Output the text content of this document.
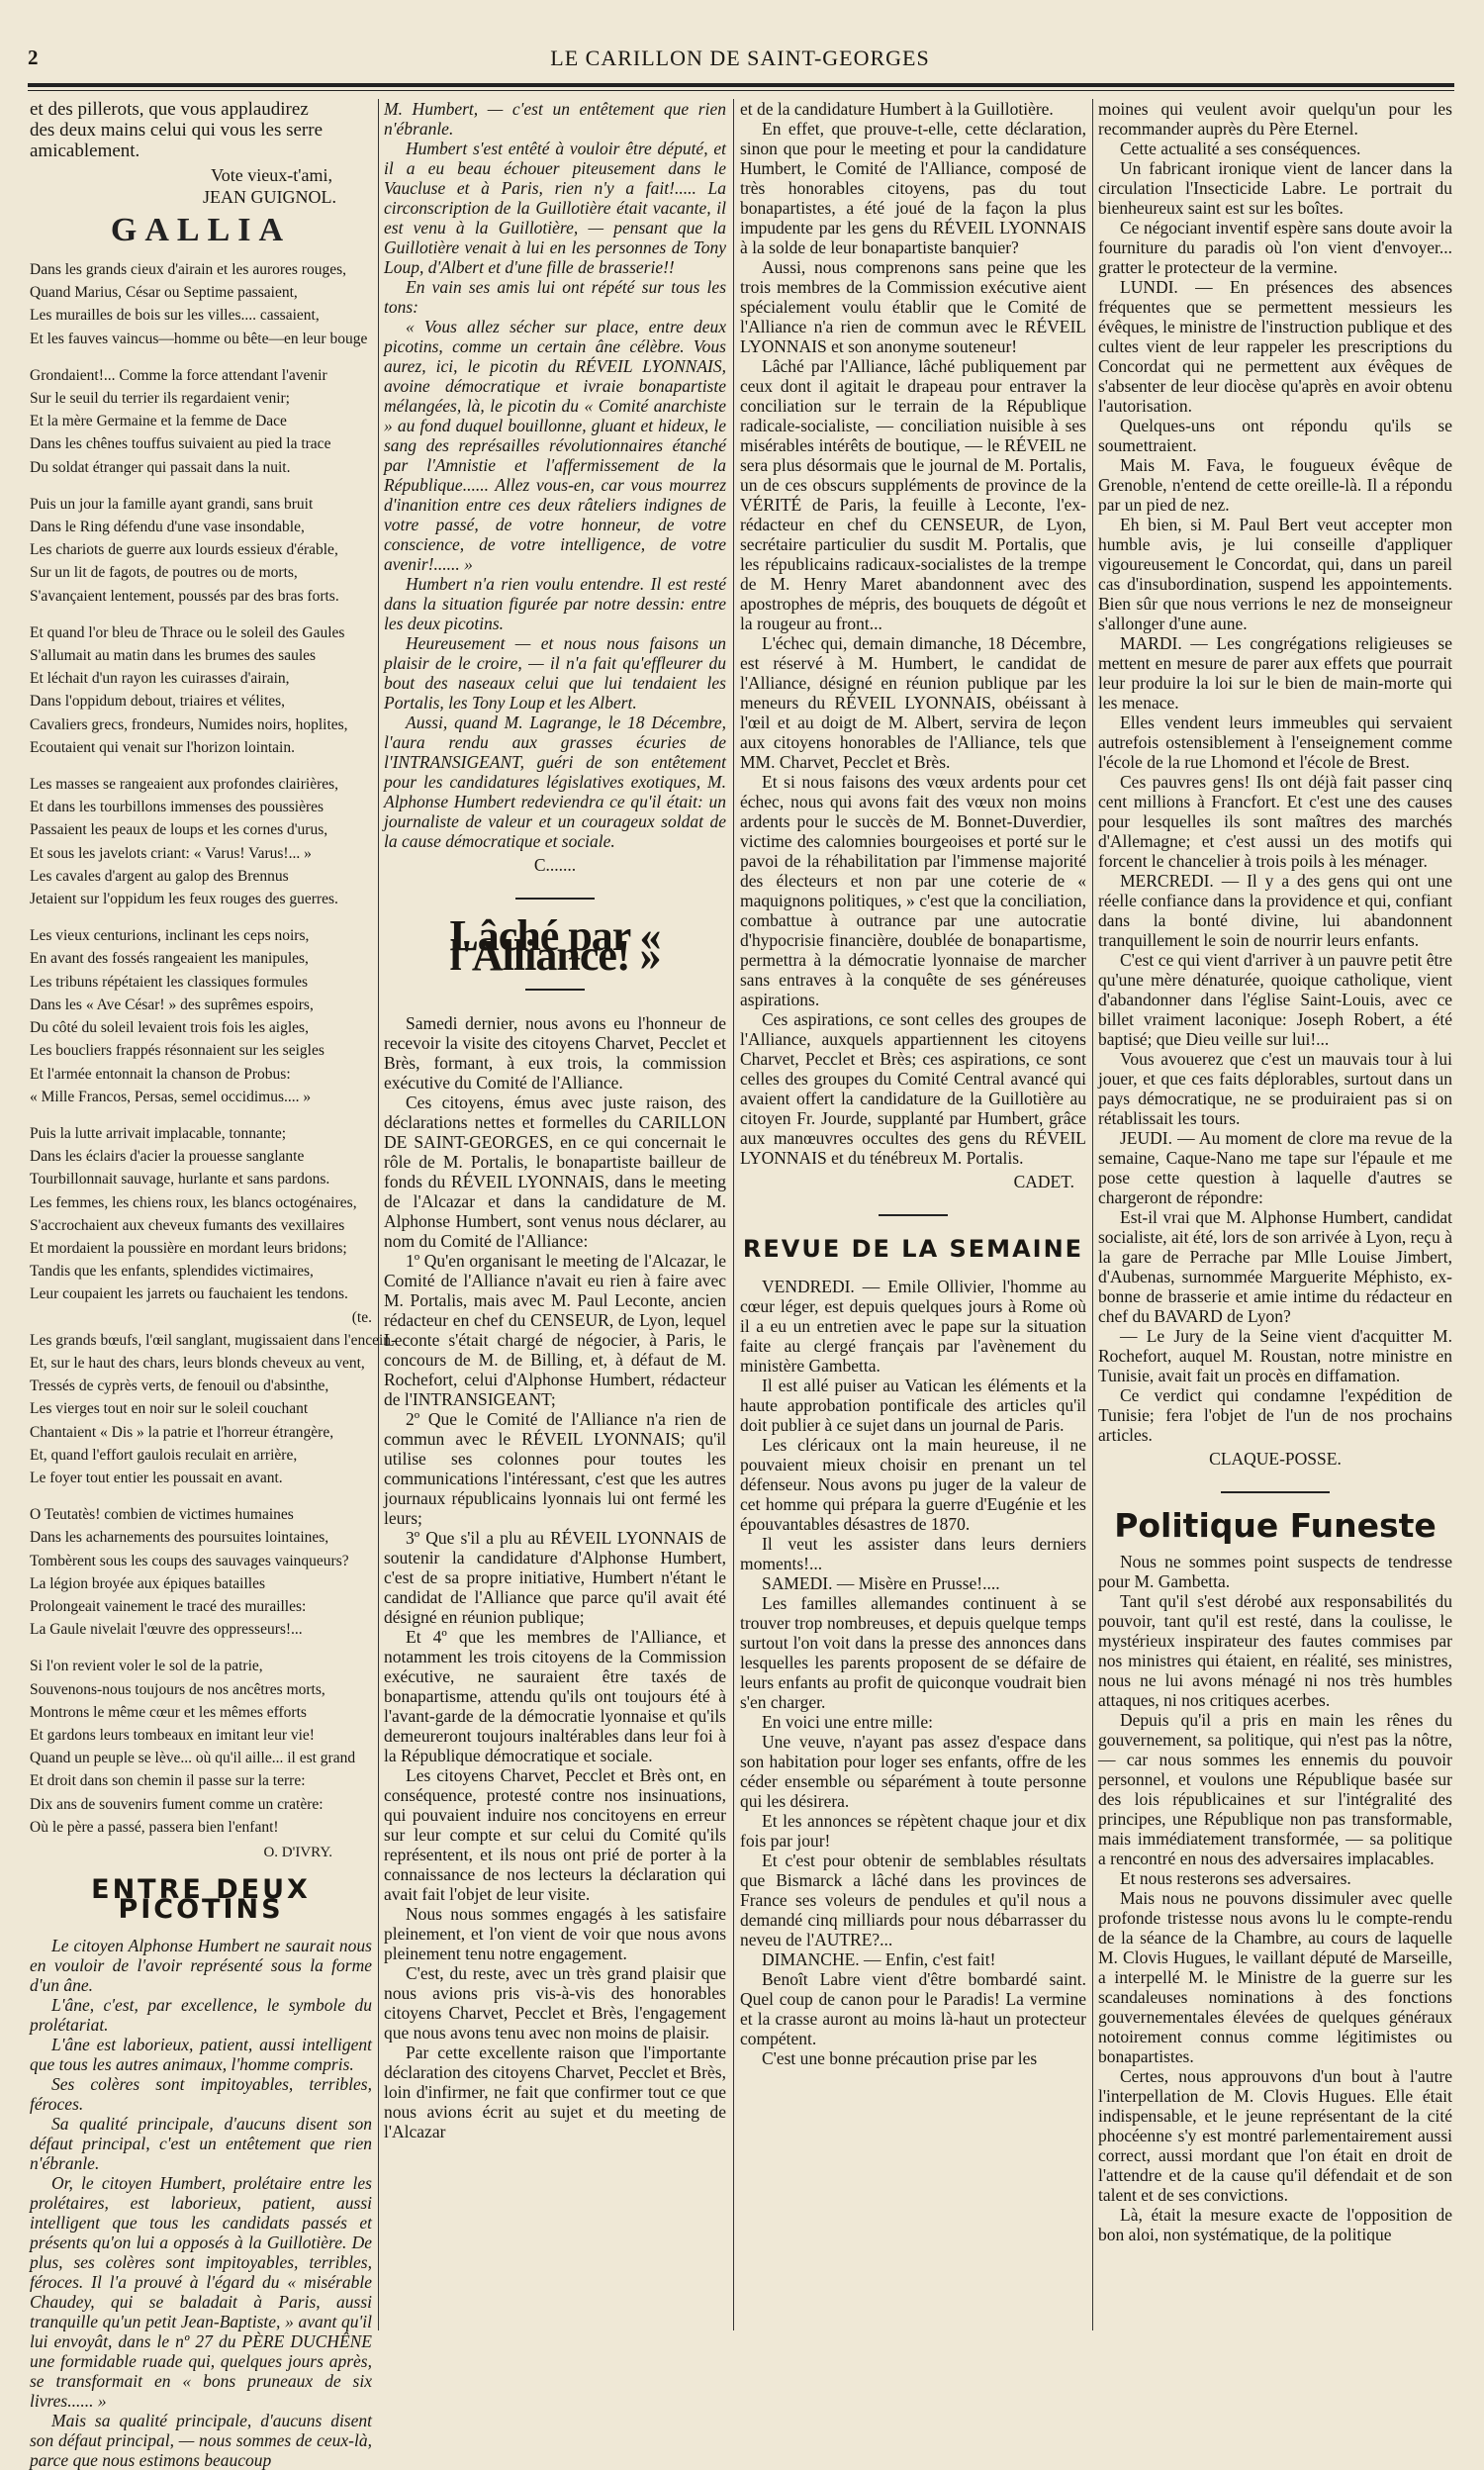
2	LE CARILLON DE SAINT-GEORGES
et des pillerots, que vous applaudirez
des deux mains celui qui vous les serre
amicablement.
Vote vieux-t'ami,
JEAN GUIGNOL.
GALLIA
Dans les grands cieux d'airain et les aurores rouges,
Quand Marius, César ou Septime passaient,
Les murailles de bois sur les villes.... cassaient,
Et les fauves vaincus—homme ou bête—en leur bouge
Grondaient!... Comme la force attendant l'avenir
Sur le seuil du terrier ils regardaient venir;
Et la mère Germaine et la femme de Dace
Dans les chênes touffus suivaient au pied la trace
Du soldat étranger qui passait dans la nuit.
Puis un jour la famille ayant grandi, sans bruit
Dans le Ring défendu d'une vase insondable,
Les chariots de guerre aux lourds essieux d'érable,
Sur un lit de fagots, de poutres ou de morts,
S'avançaient lentement, poussés par des bras forts.
Et quand l'or bleu de Thrace ou le soleil des Gaules
S'allumait au matin dans les brumes des saules
Et léchait d'un rayon les cuirasses d'airain,
Dans l'oppidum debout, triaires et vélites,
Cavaliers grecs, frondeurs, Numides noirs, hoplites,
Ecoutaient qui venait sur l'horizon lointain.
Les masses se rangeaient aux profondes clairières,
Et dans les tourbillons immenses des poussières
Passaient les peaux de loups et les cornes d'urus,
Et sous les javelots criant: « Varus! Varus!... »
Les cavales d'argent au galop des Brennus
Jetaient sur l'oppidum les feux rouges des guerres.
Les vieux centurions, inclinant les ceps noirs,
En avant des fossés rangeaient les manipules,
Les tribuns répétaient les classiques formules
Dans les « Ave César! » des suprêmes espoirs,
Du côté du soleil levaient trois fois les aigles,
Les boucliers frappés résonnaient sur les seigles
Et l'armée entonnait la chanson de Probus:
« Mille Francos, Persas, semel occidimus.... »
Puis la lutte arrivait implacable, tonnante;
Dans les éclairs d'acier la prouesse sanglante
Tourbillonnait sauvage, hurlante et sans pardons.
Les femmes, les chiens roux, les blancs octogénaires,
S'accrochaient aux cheveux fumants des vexillaires
Et mordaient la poussière en mordant leurs bridons;
Tandis que les enfants, splendides victimaires,
Leur coupaient les jarrets ou fauchaient les tendons.
(te.
Les grands bœufs, l'œil sanglant, mugissaient dans l'encein-
Et, sur le haut des chars, leurs blonds cheveux au vent,
Tressés de cyprès verts, de fenouil ou d'absinthe,
Les vierges tout en noir sur le soleil couchant
Chantaient « Dis » la patrie et l'horreur étrangère,
Et, quand l'effort gaulois reculait en arrière,
Le foyer tout entier les poussait en avant.
O Teutatès! combien de victimes humaines
Dans les acharnements des poursuites lointaines,
Tombèrent sous les coups des sauvages vainqueurs?
La légion broyée aux épiques batailles
Prolongeait vainement le tracé des murailles:
La Gaule nivelait l'œuvre des oppresseurs!...
Si l'on revient voler le sol de la patrie,
Souvenons-nous toujours de nos ancêtres morts,
Montrons le même cœur et les mêmes efforts
Et gardons leurs tombeaux en imitant leur vie!
Quand un peuple se lève... où qu'il aille... il est grand
Et droit dans son chemin il passe sur la terre:
Dix ans de souvenirs fument comme un cratère:
Où le père a passé, passera bien l'enfant!
O. D'IVRY.
ENTRE DEUX PICOTINS

Le citoyen Alphonse Humbert ne saurait nous en vouloir de l'avoir représenté sous la forme d'un âne.

L'âne, c'est, par excellence, le symbole du prolétariat.

L'âne est laborieux, patient, aussi intelligent que tous les autres animaux, l'homme compris.

Ses colères sont impitoyables, terribles, féroces.

Sa qualité principale, d'aucuns disent son défaut principal, c'est un entêtement que rien n'ébranle.

Or, le citoyen Humbert, prolétaire entre les prolétaires, est laborieux, patient, aussi intelligent que tous les candidats passés et présents qu'on lui a opposés à la Guillotière. De plus, ses colères sont impitoyables, terribles, féroces. Il l'a prouvé à l'égard du « misérable Chaudey, qui se baladait à Paris, aussi tranquille qu'un petit Jean-Baptiste, » avant qu'il lui envoyât, dans le nº 27 du PÈRE DUCHÊNE une formidable ruade qui, quelques jours après, se transformait en « bons pruneaux de six livres...... »

Mais sa qualité principale, d'aucuns disent son défaut principal, — nous sommes de ceux-là, parce que nous estimons beaucoup

M. Humbert, — c'est un entêtement que rien n'ébranle.

Humbert s'est entêté à vouloir être député, et il a eu beau échouer piteusement dans le Vaucluse et à Paris, rien n'y a fait!..... La circonscription de la Guillotière était vacante, il est venu à la Guillotière, — pensant que la Guillotière venait à lui en les personnes de Tony Loup, d'Albert et d'une fille de brasserie!!

En vain ses amis lui ont répété sur tous les tons:

« Vous allez sécher sur place, entre deux picotins, comme un certain âne célèbre. Vous aurez, ici, le picotin du RÉVEIL LYONNAIS, avoine démocratique et ivraie bonapartiste mélangées, là, le picotin du « Comité anarchiste » au fond duquel bouillonne, gluant et hideux, le sang des représailles révolutionnaires étanché par l'Amnistie et l'affermissement de la République...... Allez vous-en, car vous mourrez d'inanition entre ces deux râteliers indignes de votre passé, de votre honneur, de votre conscience, de votre intelligence, de votre avenir!...... »

Humbert n'a rien voulu entendre. Il est resté dans la situation figurée par notre dessin: entre les deux picotins.

Heureusement — et nous nous faisons un plaisir de le croire, — il n'a fait qu'effleurer du bout des naseaux celui que lui tendaient les Portalis, les Tony Loup et les Albert.

Aussi, quand M. Lagrange, le 18 Décembre, l'aura rendu aux grasses écuries de l'INTRANSIGEANT, guéri de son entêtement pour les candidatures législatives exotiques, M. Alphonse Humbert redeviendra ce qu'il était: un journaliste de valeur et un courageux soldat de la cause démocratique et sociale.

C.......
Lâché par « l'Alliance! »

Samedi dernier, nous avons eu l'honneur de recevoir la visite des citoyens Charvet, Pecclet et Brès, formant, à eux trois, la commission exécutive du Comité de l'Alliance.

Ces citoyens, émus avec juste raison, des déclarations nettes et formelles du CARILLON DE SAINT-GEORGES, en ce qui concernait le rôle de M. Portalis, le bonapartiste bailleur de fonds du RÉVEIL LYONNAIS, dans le meeting de l'Alcazar et dans la candidature de M. Alphonse Humbert, sont venus nous déclarer, au nom du Comité de l'Alliance:

1º Qu'en organisant le meeting de l'Alcazar, le Comité de l'Alliance n'avait eu rien à faire avec M. Portalis, mais avec M. Paul Leconte, ancien rédacteur en chef du CENSEUR, de Lyon, lequel Leconte s'était chargé de négocier, à Paris, le concours de M. de Billing, et, à défaut de M. Rochefort, celui d'Alphonse Humbert, rédacteur de l'INTRANSIGEANT;

2º Que le Comité de l'Alliance n'a rien de commun avec le RÉVEIL LYONNAIS; qu'il utilise ses colonnes pour toutes les communications l'intéressant, c'est que les autres journaux républicains lyonnais lui ont fermé les leurs;

3º Que s'il a plu au RÉVEIL LYONNAIS de soutenir la candidature d'Alphonse Humbert, c'est de sa propre initiative, Humbert n'étant le candidat de l'Alliance que parce qu'il avait été désigné en réunion publique;

Et 4º que les membres de l'Alliance, et notamment les trois citoyens de la Commission exécutive, ne sauraient être taxés de bonapartisme, attendu qu'ils ont toujours été à l'avant-garde de la démocratie lyonnaise et qu'ils demeureront toujours inaltérables dans leur foi à la République démocratique et sociale.

Les citoyens Charvet, Pecclet et Brès ont, en conséquence, protesté contre nos insinuations, qui pouvaient induire nos concitoyens en erreur sur leur compte et sur celui du Comité qu'ils représentent, et ils nous ont prié de porter à la connaissance de nos lecteurs la déclaration qui avait fait l'objet de leur visite.

Nous nous sommes engagés à les satisfaire pleinement, et l'on vient de voir que nous avons pleinement tenu notre engagement.

C'est, du reste, avec un très grand plaisir que nous avions pris vis-à-vis des honorables citoyens Charvet, Pecclet et Brès, l'engagement que nous avons tenu avec non moins de plaisir.

Par cette excellente raison que l'importante déclaration des citoyens Charvet, Pecclet et Brès, loin d'infirmer, ne fait que confirmer tout ce que nous avions écrit au sujet et du meeting de l'Alcazar

et de la candidature Humbert à la Guillotière.

En effet, que prouve-t-elle, cette déclaration, sinon que pour le meeting et pour la candidature Humbert, le Comité de l'Alliance, composé de très honorables citoyens, pas du tout bonapartistes, a été joué de la façon la plus impudente par les gens du RÉVEIL LYONNAIS à la solde de leur bonapartiste banquier?

Aussi, nous comprenons sans peine que les trois membres de la Commission exécutive aient spécialement voulu établir que le Comité de l'Alliance n'a rien de commun avec le RÉVEIL LYONNAIS et son anonyme souteneur!

Lâché par l'Alliance, lâché publiquement par ceux dont il agitait le drapeau pour entraver la conciliation sur le terrain de la République radicale-socialiste, — conciliation nuisible à ses misérables intérêts de boutique, — le RÉVEIL ne sera plus désormais que le journal de M. Portalis, un de ces obscurs suppléments de province de la VÉRITÉ de Paris, la feuille à Leconte, l'ex-rédacteur en chef du CENSEUR, de Lyon, secrétaire particulier du susdit M. Portalis, que les républicains radicaux-socialistes de la trempe de M. Henry Maret abandonnent avec des apostrophes de mépris, des bouquets de dégoût et la rougeur au front...

L'échec qui, demain dimanche, 18 Décembre, est réservé à M. Humbert, le candidat de l'Alliance, désigné en réunion publique par les meneurs du RÉVEIL LYONNAIS, obéissant à l'œil et au doigt de M. Albert, servira de leçon aux citoyens honorables de l'Alliance, tels que MM. Charvet, Pecclet et Brès.

Et si nous faisons des vœux ardents pour cet échec, nous qui avons fait des vœux non moins ardents pour le succès de M. Bonnet-Duverdier, victime des calomnies bourgeoises et porté sur le pavoi de la réhabilitation par l'immense majorité des électeurs et non par une coterie de « maquignons politiques, » c'est que la conciliation, combattue à outrance par une autocratie d'hypocrisie financière, doublée de bonapartisme, permettra à la démocratie lyonnaise de marcher sans entraves à la conquête de ses généreuses aspirations.

Ces aspirations, ce sont celles des groupes de l'Alliance, auxquels appartiennent les citoyens Charvet, Pecclet et Brès; ces aspirations, ce sont celles des groupes du Comité Central avancé qui avaient offert la candidature de la Guillotière au citoyen Fr. Jourde, supplanté par Humbert, grâce aux manœuvres occultes des gens du RÉVEIL LYONNAIS et du ténébreux M. Portalis.

CADET.
REVUE DE LA SEMAINE

VENDREDI. — Emile Ollivier, l'homme au cœur léger, est depuis quelques jours à Rome où il a eu un entretien avec le pape sur la situation faite au clergé français par l'avènement du ministère Gambetta.

Il est allé puiser au Vatican les éléments et la haute approbation pontificale des articles qu'il doit publier à ce sujet dans un journal de Paris.

Les cléricaux ont la main heureuse, il ne pouvaient mieux choisir en prenant un tel défenseur. Nous avons pu juger de la valeur de cet homme qui prépara la guerre d'Eugénie et les épouvantables désastres de 1870.

Il veut les assister dans leurs derniers moments!...

SAMEDI. — Misère en Prusse!....

Les familles allemandes continuent à se trouver trop nombreuses, et depuis quelque temps surtout l'on voit dans la presse des annonces dans lesquelles les parents proposent de se défaire de leurs enfants au profit de quiconque voudrait bien s'en charger.

En voici une entre mille:

Une veuve, n'ayant pas assez d'espace dans son habitation pour loger ses enfants, offre de les céder ensemble ou séparément à toute personne qui les désirera.

Et les annonces se répètent chaque jour et dix fois par jour!

Et c'est pour obtenir de semblables résultats que Bismarck a lâché dans les provinces de France ses voleurs de pendules et qu'il nous a demandé cinq milliards pour nous débarrasser du neveu de l'AUTRE?...

DIMANCHE. — Enfin, c'est fait!

Benoît Labre vient d'être bombardé saint. Quel coup de canon pour le Paradis! La vermine et la crasse auront au moins là-haut un protecteur compétent.

C'est une bonne précaution prise par les

moines qui veulent avoir quelqu'un pour les recommander auprès du Père Eternel.

Cette actualité a ses conséquences.

Un fabricant ironique vient de lancer dans la circulation l'Insecticide Labre. Le portrait du bienheureux saint est sur les boîtes.

Ce négociant inventif espère sans doute avoir la fourniture du paradis où l'on vient d'envoyer... gratter le protecteur de la vermine.

LUNDI. — En présences des absences fréquentes que se permettent messieurs les évêques, le ministre de l'instruction publique et des cultes vient de leur rappeler les prescriptions du Concordat qui ne permettent aux évêques de s'absenter de leur diocèse qu'après en avoir obtenu l'autorisation.

Quelques-uns ont répondu qu'ils se soumettraient.

Mais M. Fava, le fougueux évêque de Grenoble, n'entend de cette oreille-là. Il a répondu par un pied de nez.

Eh bien, si M. Paul Bert veut accepter mon humble avis, je lui conseille d'appliquer vigoureusement le Concordat, qui, dans un pareil cas d'insubordination, suspend les appointements. Bien sûr que nous verrions le nez de monseigneur s'allonger d'une aune.

MARDI. — Les congrégations religieuses se mettent en mesure de parer aux effets que pourrait leur produire la loi sur le bien de main-morte qui les menace.

Elles vendent leurs immeubles qui servaient autrefois ostensiblement à l'enseignement comme l'école de la rue Lhomond et l'école de Brest.

Ces pauvres gens! Ils ont déjà fait passer cinq cent millions à Francfort. Et c'est une des causes pour lesquelles ils sont maîtres des marchés d'Allemagne; et c'est aussi un des motifs qui forcent le chancelier à trois poils à les ménager.

MERCREDI. — Il y a des gens qui ont une réelle confiance dans la providence et qui, confiant dans la bonté divine, lui abandonnent tranquillement le soin de nourrir leurs enfants.

C'est ce qui vient d'arriver à un pauvre petit être qu'une mère dénaturée, quoique catholique, vient d'abandonner dans l'église Saint-Louis, avec ce billet vraiment laconique: Joseph Robert, a été baptisé; que Dieu veille sur lui!...

Vous avouerez que c'est un mauvais tour à lui jouer, et que ces faits déplorables, surtout dans un pays démocratique, ne se produiraient pas si on rétablissait les tours.

JEUDI. — Au moment de clore ma revue de la semaine, Caque-Nano me tape sur l'épaule et me pose cette question à laquelle d'autres se chargeront de répondre:

Est-il vrai que M. Alphonse Humbert, candidat socialiste, ait été, lors de son arrivée à Lyon, reçu à la gare de Perrache par Mlle Louise Jimbert, d'Aubenas, surnommée Marguerite Méphisto, ex-bonne de brasserie et amie intime du rédacteur en chef du BAVARD de Lyon?

— Le Jury de la Seine vient d'acquitter M. Rochefort, auquel M. Roustan, notre ministre en Tunisie, avait fait un procès en diffamation.

Ce verdict qui condamne l'expédition de Tunisie; fera l'objet de l'un de nos prochains articles.

CLAQUE-POSSE.
Politique Funeste

Nous ne sommes point suspects de tendresse pour M. Gambetta.

Tant qu'il s'est dérobé aux responsabilités du pouvoir, tant qu'il est resté, dans la coulisse, le mystérieux inspirateur des fautes commises par nos ministres qui étaient, en réalité, ses ministres, nous ne lui avons ménagé ni nos très humbles attaques, ni nos critiques acerbes.

Depuis qu'il a pris en main les rênes du gouvernement, sa politique, qui n'est pas la nôtre, — car nous sommes les ennemis du pouvoir personnel, et voulons une République basée sur des lois républicaines et sur l'intégralité des principes, une République non pas transformable, mais immédiatement transformée, — sa politique a rencontré en nous des adversaires implacables.

Et nous resterons ses adversaires.

Mais nous ne pouvons dissimuler avec quelle profonde tristesse nous avons lu le compte-rendu de la séance de la Chambre, au cours de laquelle M. Clovis Hugues, le vaillant député de Marseille, a interpellé M. le Ministre de la guerre sur les scandaleuses nominations à des fonctions gouvernementales élevées de quelques généraux notoirement connus comme légitimistes ou bonapartistes.

Certes, nous approuvons d'un bout à l'autre l'interpellation de M. Clovis Hugues. Elle était indispensable, et le jeune représentant de la cité phocéenne s'y est montré parlementairement aussi correct, aussi mordant que l'on était en droit de l'attendre et de la cause qu'il défendait et de son talent et de ses convictions.

Là, était la mesure exacte de l'opposition de bon aloi, non systématique, de la politique
